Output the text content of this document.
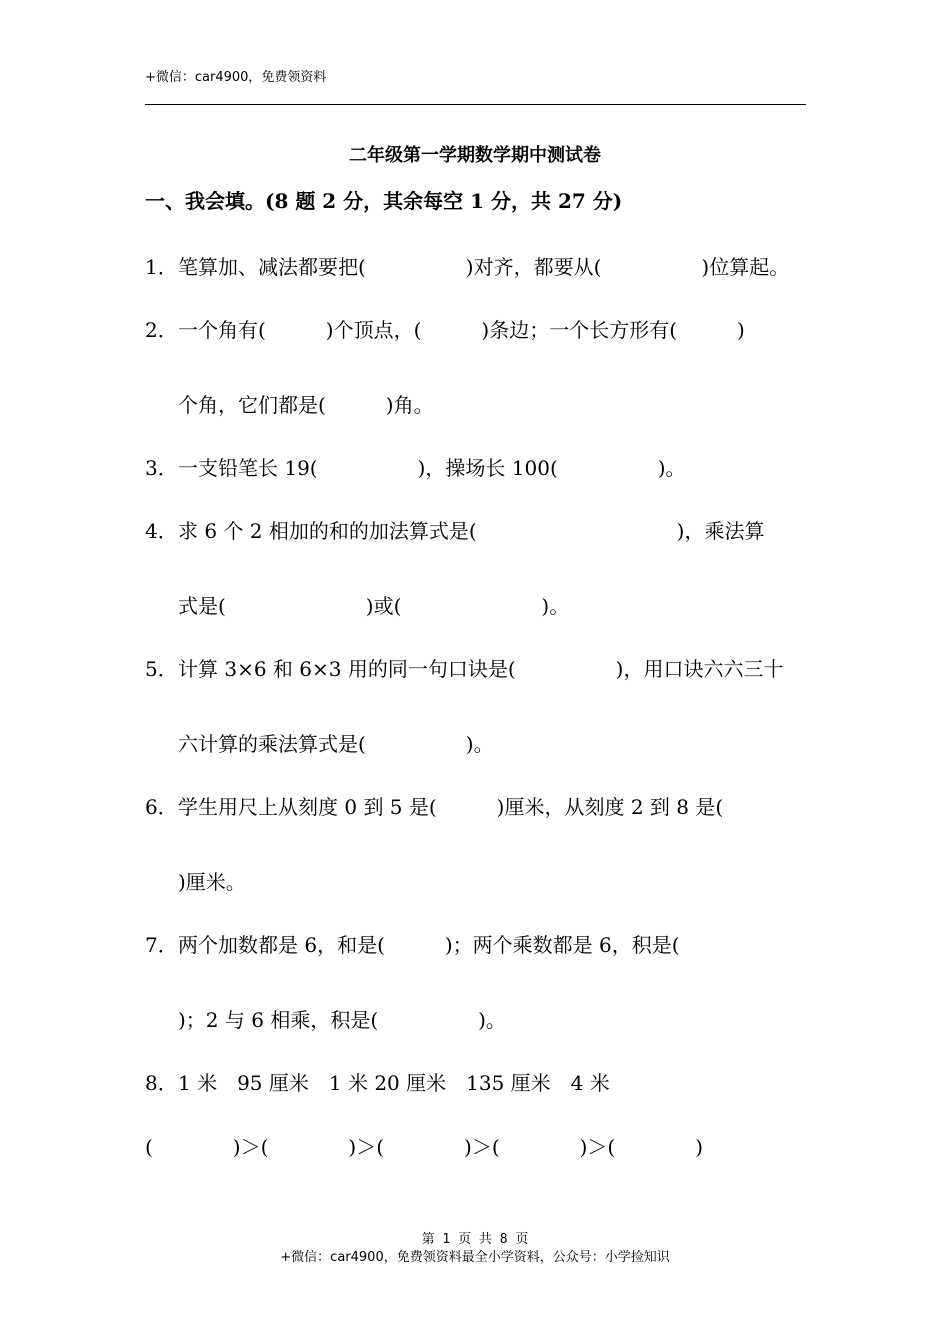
+微信：car4900，免费领资料
二年级第一学期数学期中测试卷
一、我会填。(8 题 2 分，其余每空 1 分，共 27 分)
1． 笔算加、减法都要把(　　　　　)对齐，都要从(　　　　　)位算起。
2． 一个角有(　　　)个顶点，(　　　)条边；一个长方形有(　　　)
个角，它们都是(　　　)角。
3． 一支铅笔长 19(　　　　　)，操场长 100(　　　　　)。
4． 求 6 个 2 相加的和的加法算式是(　　　　　　　　　　)，乘法算
式是(　　　　　　　)或(　　　　　　　)。
5． 计算 3×6 和 6×3 用的同一句口诀是(　　　　　)，用口诀六六三十
六计算的乘法算式是(　　　　　)。
6． 学生用尺上从刻度 0 到 5 是(　　　)厘米，从刻度 2 到 8 是(
)厘米。
7． 两个加数都是 6，和是(　　　)；两个乘数都是 6，积是(
)；2 与 6 相乘，积是(　　　　　)。
8． 1 米　95 厘米　1 米 20 厘米　135 厘米　4 米
(　　　　)＞(　　　　)＞(　　　　)＞(　　　　)＞(　　　　)
第 1 页 共 8 页
+微信：car4900，免费领资料最全小学资料，公众号：小学捡知识
